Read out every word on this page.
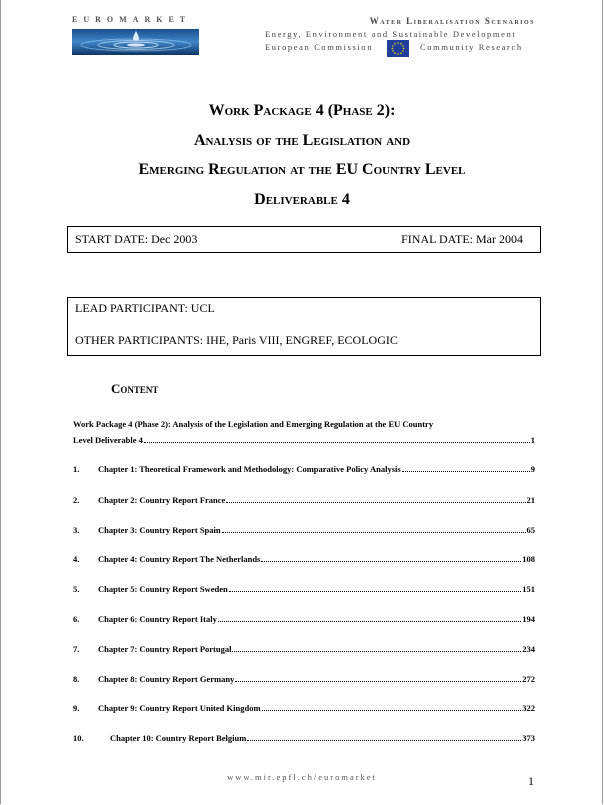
EUROMARKET	Water Liberalisation Scenarios
Energy, Environment and Sustainable Development
European Commission	Community Research
Work Package 4 (Phase 2):
Analysis of the Legislation and
Emerging Regulation at the EU Country Level
Deliverable 4
START DATE: Dec 2003	FINAL DATE: Mar 2004
LEAD PARTICIPANT: UCL
OTHER PARTICIPANTS: IHE, Paris VIII, ENGREF, ECOLOGIC
Content
Work Package 4 (Phase 2): Analysis of the Legislation and Emerging Regulation at the EU Country
Level Deliverable 4	1
1.	Chapter 1: Theoretical Framework and Methodology: Comparative Policy Analysis	9
2.	Chapter 2: Country Report France	21
3.	Chapter 3: Country Report Spain	65
4.	Chapter 4: Country Report The Netherlands	108
5.	Chapter 5: Country Report Sweden	151
6.	Chapter 6: Country Report Italy	194
7.	Chapter 7: Country Report Portugal	234
8.	Chapter 8: Country Report Germany	272
9.	Chapter 9: Country Report United Kingdom	322
10.	Chapter 10: Country Report Belgium	373
www.mir.epfl.ch/euromarket	1
